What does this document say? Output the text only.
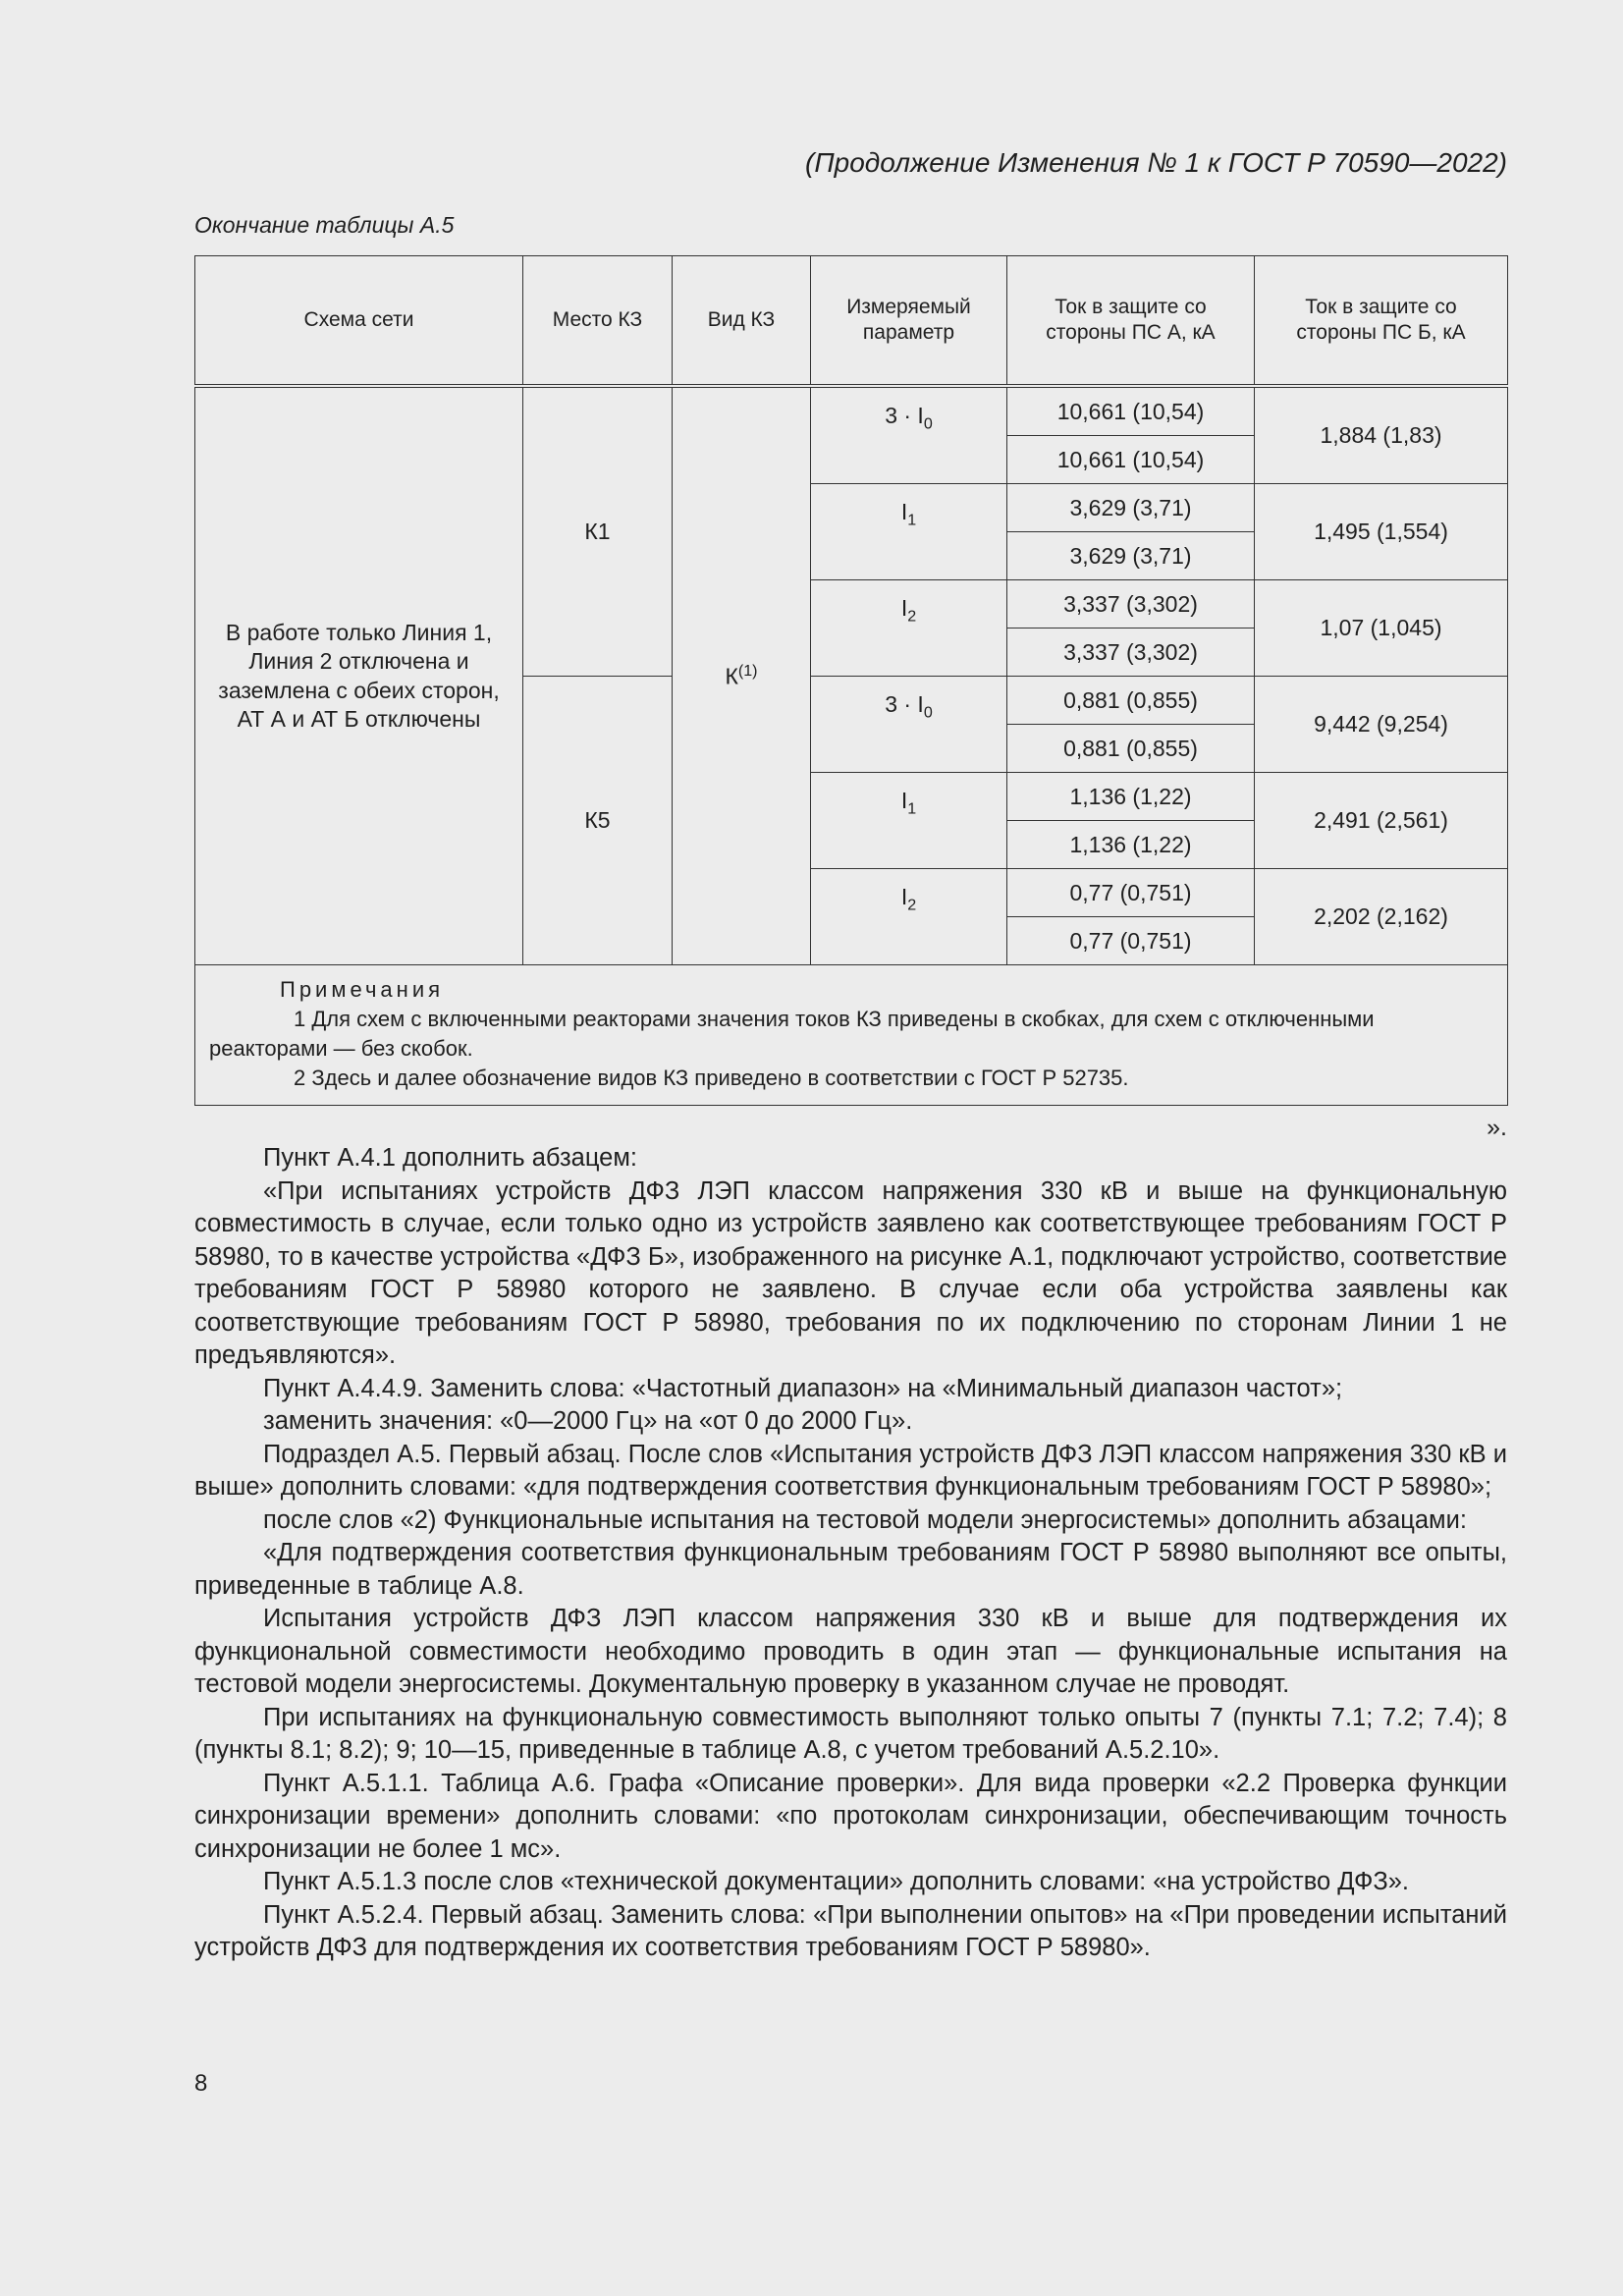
(Продолжение Изменения № 1 к ГОСТ Р 70590—2022)
Окончание таблицы А.5
Схема сети	Место КЗ	Вид КЗ	Измеряемый параметр	Ток в защите со стороны ПС А, кА	Ток в защите со стороны ПС Б, кА

В работе только Линия 1, Линия 2 отключена и заземлена с обеих сторон, АТ А и АТ Б отключены	К1	$К^{(1)}$	$3 \cdot I_0$	10,661 (10,54)	1,884 (1,83)
				10,661 (10,54)	
			$I_1$	3,629 (3,71)	1,495 (1,554)
				3,629 (3,71)	
			$I_2$	3,337 (3,302)	1,07 (1,045)
				3,337 (3,302)	
	К5		$3 \cdot I_0$	0,881 (0,855)	9,442 (9,254)
				0,881 (0,855)	
			$I_1$	1,136 (1,22)	2,491 (2,561)
				1,136 (1,22)	
			$I_2$	0,77 (0,751)	2,202 (2,162)
				0,77 (0,751)	

Примечания
1 Для схем с включенными реакторами значения токов КЗ приведены в скобках, для схем с отключенными реакторами — без скобок.
2 Здесь и далее обозначение видов КЗ приведено в соответствии с ГОСТ Р 52735.					
».

Пункт А.4.1 дополнить абзацем:

«При испытаниях устройств ДФЗ ЛЭП классом напряжения 330 кВ и выше на функциональную совместимость в случае, если только одно из устройств заявлено как соответствующее требованиям ГОСТ Р 58980, то в качестве устройства «ДФЗ Б», изображенного на рисунке А.1, подключают устройство, соответствие требованиям ГОСТ Р 58980 которого не заявлено. В случае если оба устройства заявлены как соответствующие требованиям ГОСТ Р 58980, требования по их подключению по сторонам Линии 1 не предъявляются».

Пункт А.4.4.9. Заменить слова: «Частотный диапазон» на «Минимальный диапазон частот»;

заменить значения: «0—2000 Гц» на «от 0 до 2000 Гц».

Подраздел А.5. Первый абзац. После слов «Испытания устройств ДФЗ ЛЭП классом напряжения 330 кВ и выше» дополнить словами: «для подтверждения соответствия функциональным требованиям ГОСТ Р 58980»;

после слов «2) Функциональные испытания на тестовой модели энергосистемы» дополнить абзацами:

«Для подтверждения соответствия функциональным требованиям ГОСТ Р 58980 выполняют все опыты, приведенные в таблице А.8.

Испытания устройств ДФЗ ЛЭП классом напряжения 330 кВ и выше для подтверждения их функциональной совместимости необходимо проводить в один этап — функциональные испытания на тестовой модели энергосистемы. Документальную проверку в указанном случае не проводят.

При испытаниях на функциональную совместимость выполняют только опыты 7 (пункты 7.1; 7.2; 7.4); 8 (пункты 8.1; 8.2); 9; 10—15, приведенные в таблице А.8, с учетом требований А.5.2.10».

Пункт А.5.1.1. Таблица А.6. Графа «Описание проверки». Для вида проверки «2.2 Проверка функции синхронизации времени» дополнить словами: «по протоколам синхронизации, обеспечивающим точность синхронизации не более 1 мс».

Пункт А.5.1.3 после слов «технической документации» дополнить словами: «на устройство ДФЗ».

Пункт А.5.2.4. Первый абзац. Заменить слова: «При выполнении опытов» на «При проведении испытаний устройств ДФЗ для подтверждения их соответствия требованиям ГОСТ Р 58980».

8
